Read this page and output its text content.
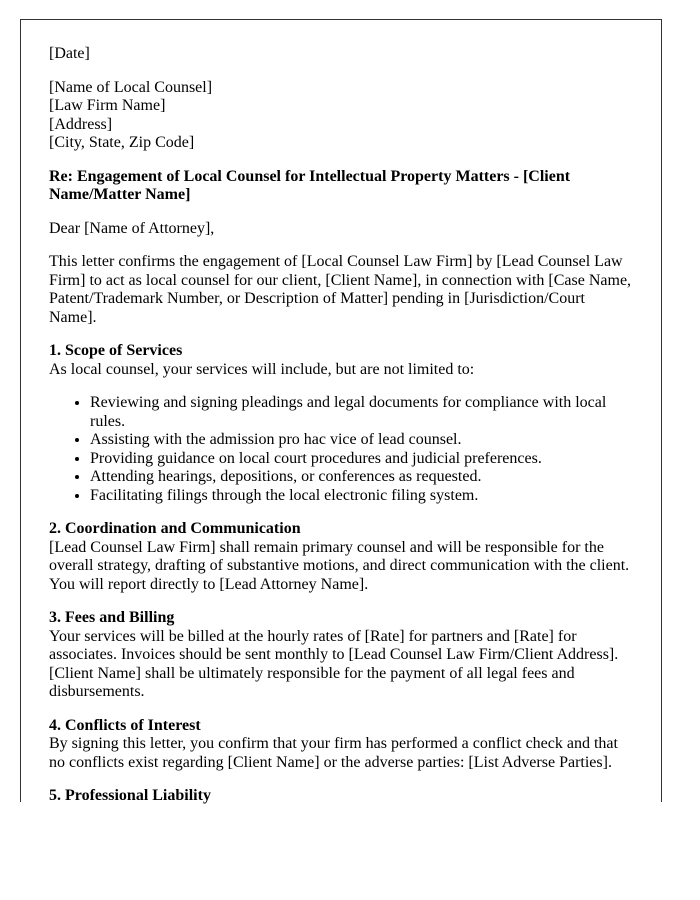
[Date]

[Name of Local Counsel]
[Law Firm Name]
[Address]
[City, State, Zip Code]

Re: Engagement of Local Counsel for Intellectual Property Matters - [Client Name/Matter Name]

Dear [Name of Attorney],

This letter confirms the engagement of [Local Counsel Law Firm] by [Lead Counsel Law Firm] to act as local counsel for our client, [Client Name], in connection with [Case Name, Patent/Trademark Number, or Description of Matter] pending in [Jurisdiction/Court Name].

1. Scope of Services
As local counsel, your services will include, but are not limited to:
• Reviewing and signing pleadings and legal documents for compliance with local rules.
• Assisting with the admission pro hac vice of lead counsel.
• Providing guidance on local court procedures and judicial preferences.
• Attending hearings, depositions, or conferences as requested.
• Facilitating filings through the local electronic filing system.
2. Coordination and Communication
[Lead Counsel Law Firm] shall remain primary counsel and will be responsible for the overall strategy, drafting of substantive motions, and direct communication with the client. You will report directly to [Lead Attorney Name].
3. Fees and Billing
Your services will be billed at the hourly rates of [Rate] for partners and [Rate] for associates. Invoices should be sent monthly to [Lead Counsel Law Firm/Client Address]. [Client Name] shall be ultimately responsible for the payment of all legal fees and disbursements.
4. Conflicts of Interest
By signing this letter, you confirm that your firm has performed a conflict check and that no conflicts exist regarding [Client Name] or the adverse parties: [List Adverse Parties].
5. Professional Liability
